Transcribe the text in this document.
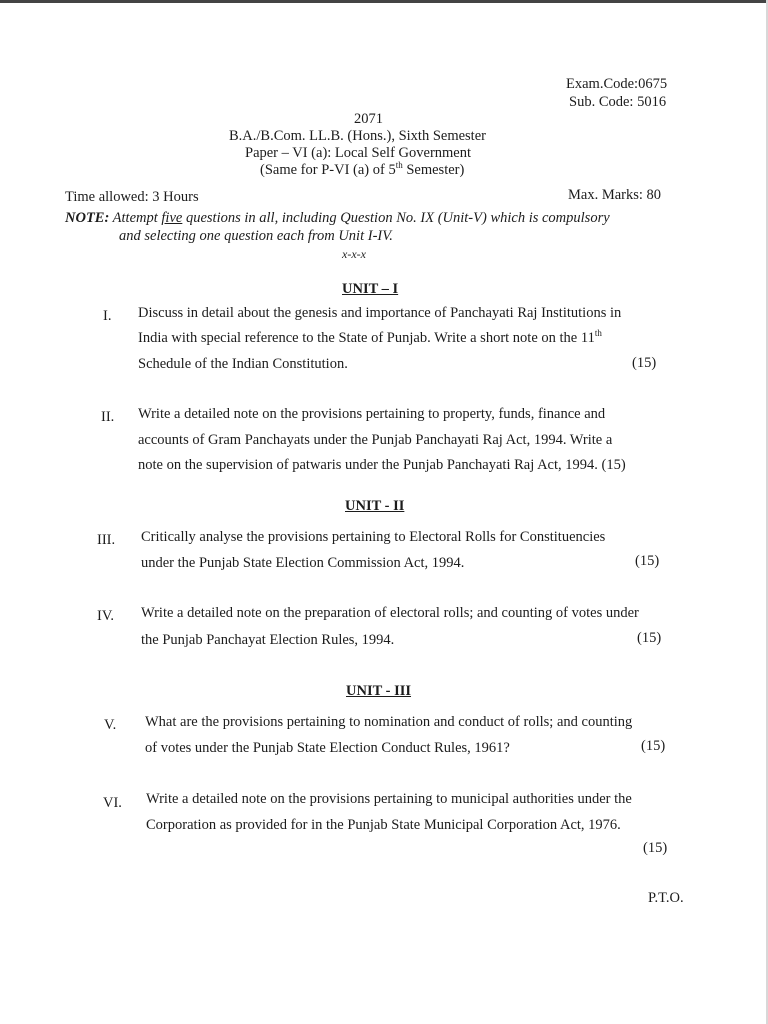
Exam.Code:0675
Sub. Code: 5016
2071
B.A./B.Com. LL.B. (Hons.), Sixth Semester
Paper – VI (a): Local Self Government
(Same for P-VI (a) of 5th Semester)
Time allowed: 3 Hours	Max. Marks: 80
NOTE: Attempt five questions in all, including Question No. IX (Unit-V) which is compulsory
and selecting one question each from Unit I-IV.
x-x-x
UNIT – I
I. Discuss in detail about the genesis and importance of Panchayati Raj Institutions in
India with special reference to the State of Punjab. Write a short note on the 11th
Schedule of the Indian Constitution.	(15)
II. Write a detailed note on the provisions pertaining to property, funds, finance and
accounts of Gram Panchayats under the Punjab Panchayati Raj Act, 1994. Write a
note on the supervision of patwaris under the Punjab Panchayati Raj Act, 1994. (15)
UNIT - II
III. Critically analyse the provisions pertaining to Electoral Rolls for Constituencies
under the Punjab State Election Commission Act, 1994.	(15)
IV. Write a detailed note on the preparation of electoral rolls; and counting of votes under
the Punjab Panchayat Election Rules, 1994.	(15)
UNIT - III
V. What are the provisions pertaining to nomination and conduct of rolls; and counting
of votes under the Punjab State Election Conduct Rules, 1961?	(15)
VI. Write a detailed note on the provisions pertaining to municipal authorities under the
Corporation as provided for in the Punjab State Municipal Corporation Act, 1976.
(15)
P.T.O.
